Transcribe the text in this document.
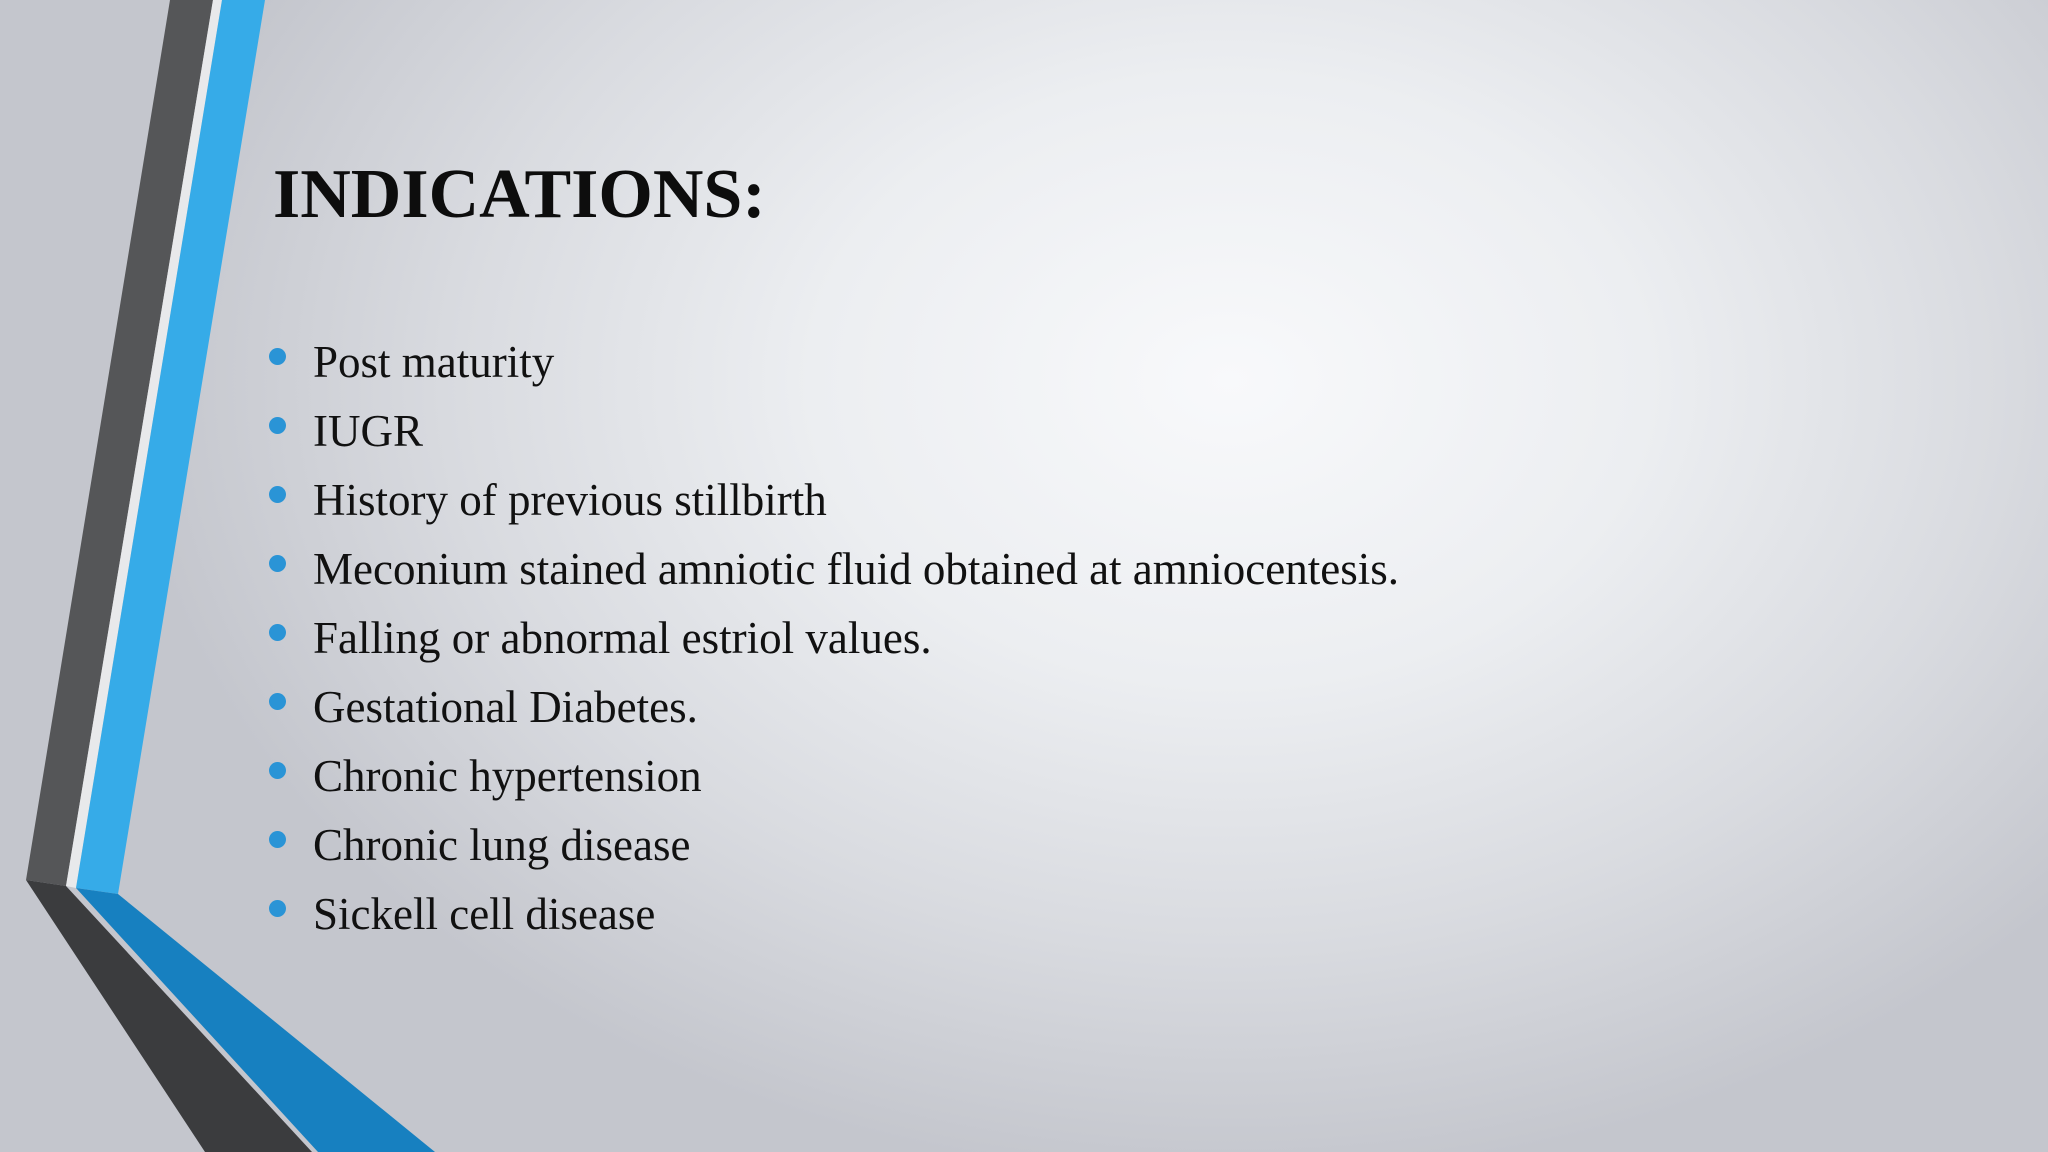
INDICATIONS:
Post maturity
IUGR
History of previous stillbirth
Meconium stained amniotic fluid obtained at amniocentesis.
Falling or abnormal estriol values.
Gestational Diabetes.
Chronic hypertension
Chronic lung disease
Sickell cell disease
